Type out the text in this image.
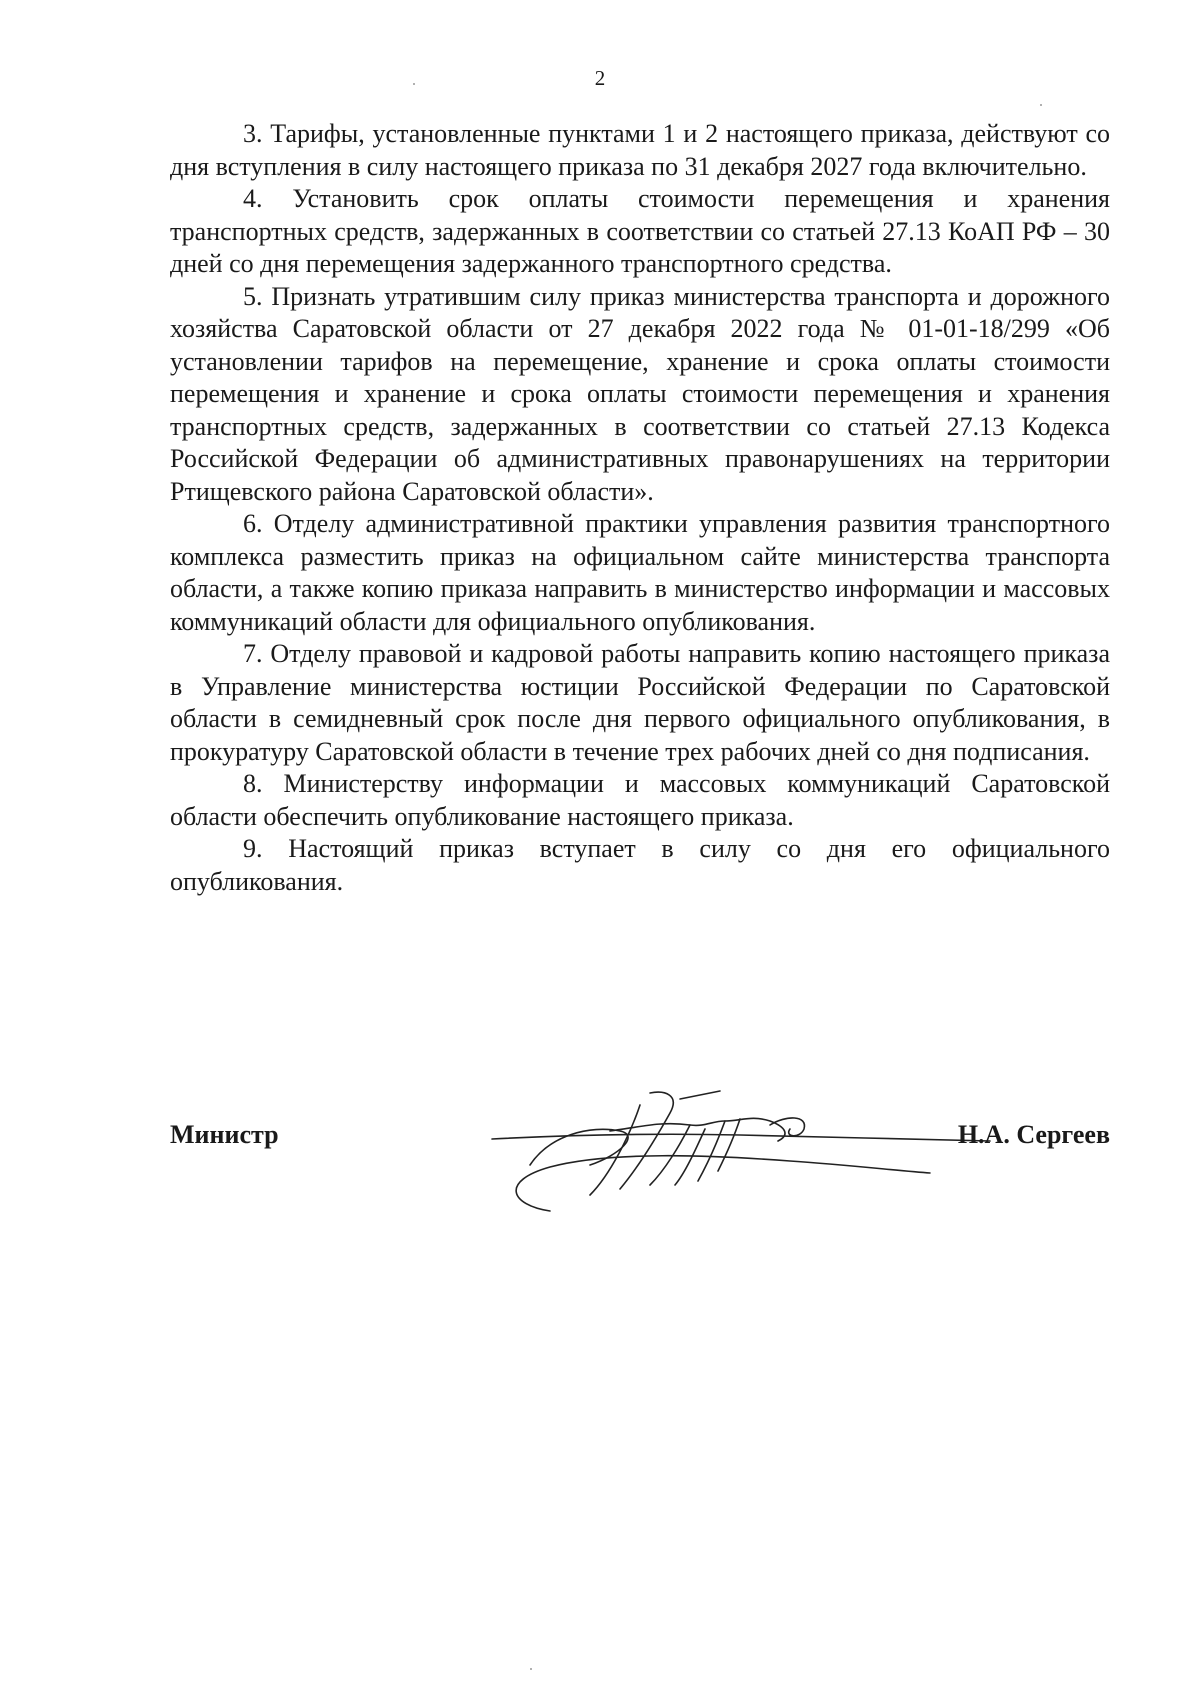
2

3. Тарифы, установленные пунктами 1 и 2 настоящего приказа, действуют со дня вступления в силу настоящего приказа по 31 декабря 2027 года включительно.

4. Установить срок оплаты стоимости перемещения и хранения транспортных средств, задержанных в соответствии со статьей 27.13 КоАП РФ – 30 дней со дня перемещения задержанного транспортного средства.

5. Признать утратившим силу приказ министерства транспорта и дорожного хозяйства Саратовской области от 27 декабря 2022 года № 01-01-18/299 «Об установлении тарифов на перемещение, хранение и срока оплаты стоимости перемещения и хранение и срока оплаты стоимости перемещения и хранения транспортных средств, задержанных в соответствии со статьей 27.13 Кодекса Российской Федерации об административных правонарушениях на территории Ртищевского района Саратовской области».

6. Отделу административной практики управления развития транспортного комплекса разместить приказ на официальном сайте министерства транспорта области, а также копию приказа направить в министерство информации и массовых коммуникаций области для официального опубликования.

7. Отделу правовой и кадровой работы направить копию настоящего приказа в Управление министерства юстиции Российской Федерации по Саратовской области в семидневный срок после дня первого официального опубликования, в прокуратуру Саратовской области в течение трех рабочих дней со дня подписания.

8. Министерству информации и массовых коммуникаций Саратовской области обеспечить опубликование настоящего приказа.

9. Настоящий приказ вступает в силу со дня его официального опубликования.

Министр	Н.А. Сергеев
